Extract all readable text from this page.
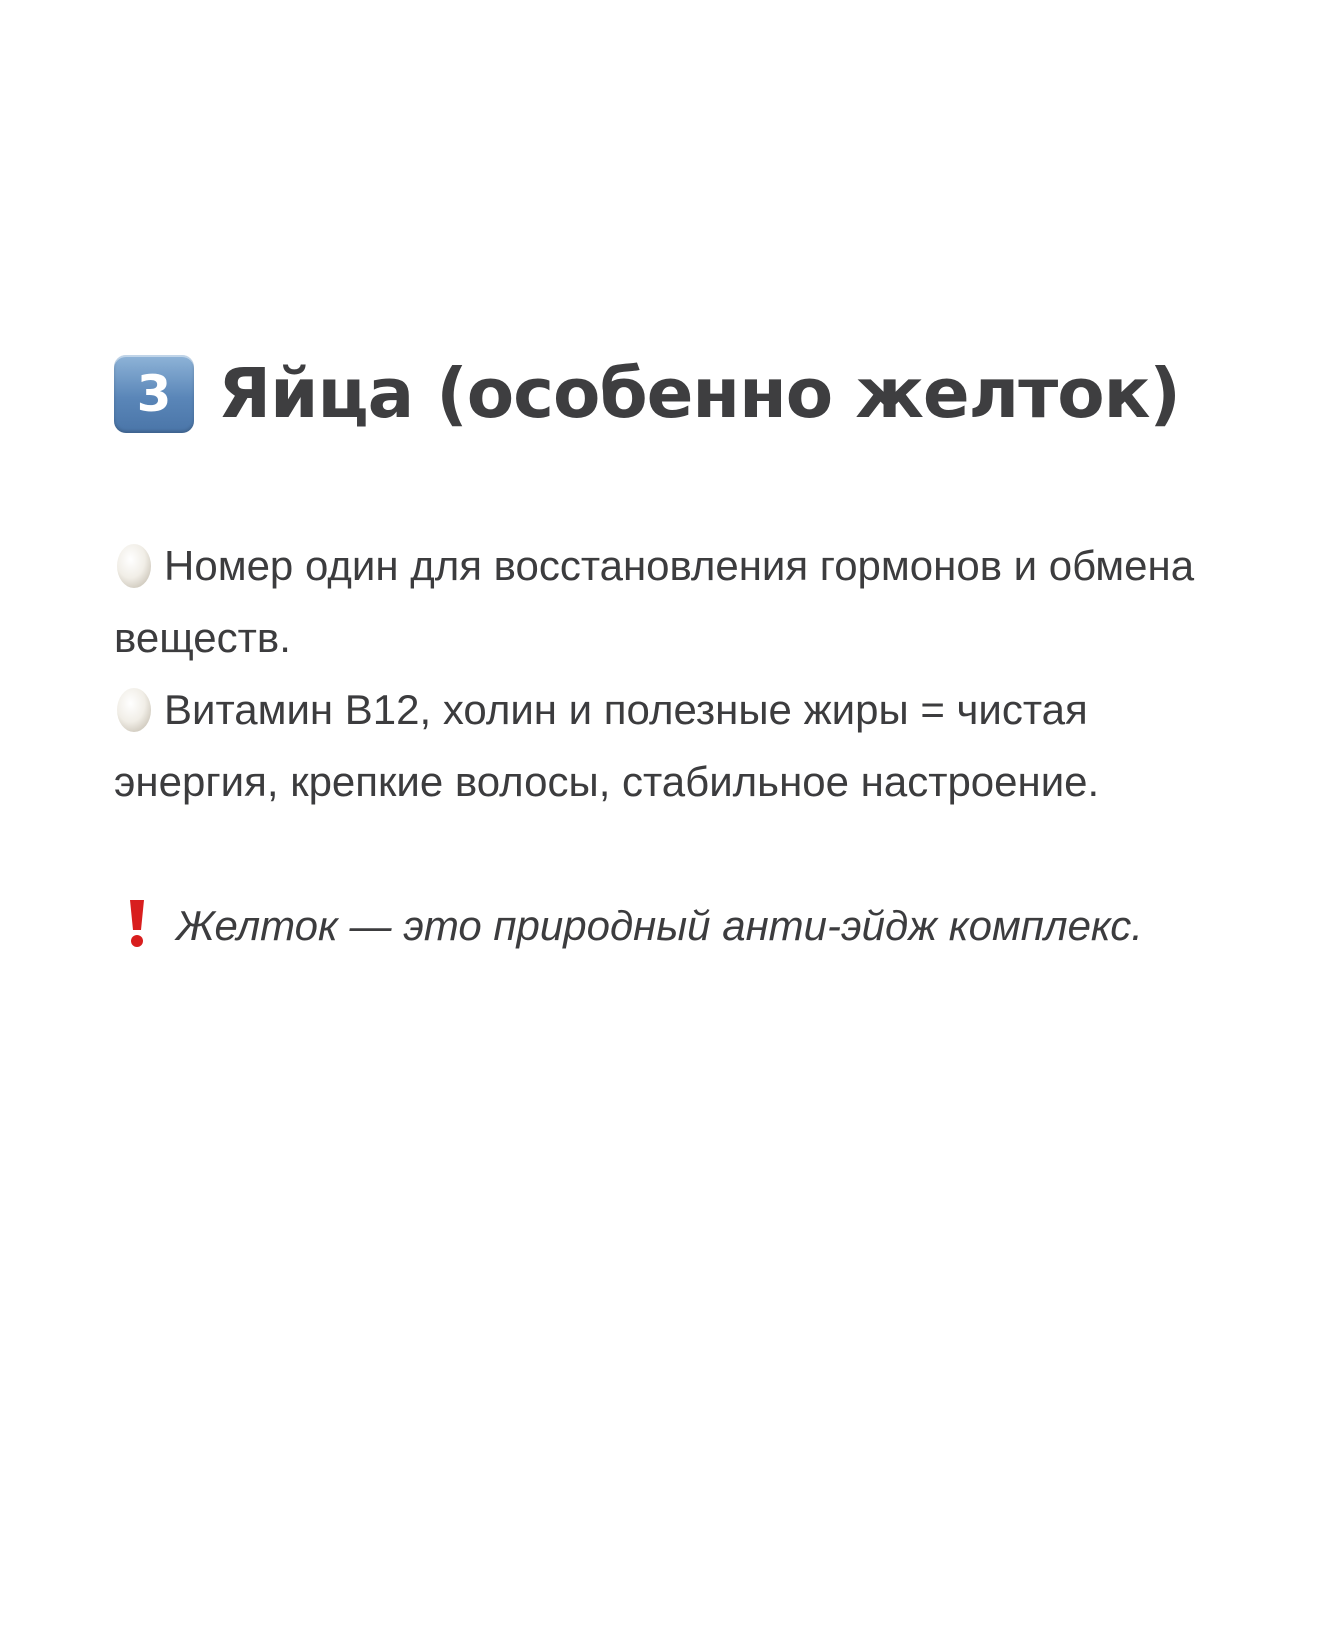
3 Яйца (особенно желток)

Номер один для восстановления гормонов и обмена веществ.

Витамин B12, холин и полезные жиры = чистая энергия, крепкие волосы, стабильное настроение.

Желток — это природный анти-эйдж комплекс.
